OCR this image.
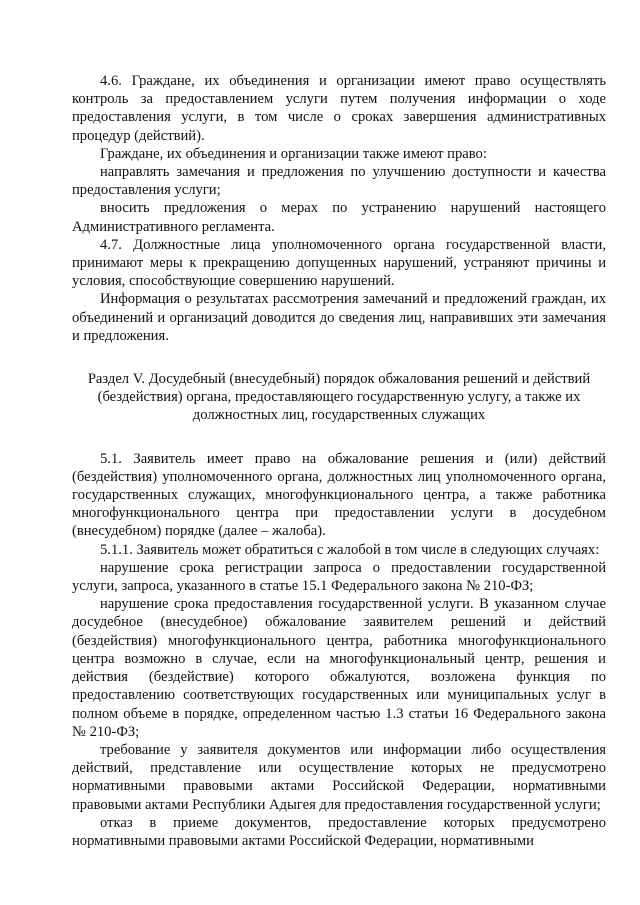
4.6. Граждане, их объединения и организации имеют право осуществлять контроль за предоставлением услуги путем получения информации о ходе предоставления услуги, в том числе о сроках завершения административных процедур (действий).

Граждане, их объединения и организации также имеют право:

направлять замечания и предложения по улучшению доступности и качества предоставления услуги;

вносить предложения о мерах по устранению нарушений настоящего Административного регламента.

4.7. Должностные лица уполномоченного органа государственной власти, принимают меры к прекращению допущенных нарушений, устраняют причины и условия, способствующие совершению нарушений.

Информация о результатах рассмотрения замечаний и предложений граждан, их объединений и организаций доводится до сведения лиц, направивших эти замечания и предложения.

Раздел V. Досудебный (внесудебный) порядок обжалования решений и действий (бездействия) органа, предоставляющего государственную услугу, а также их должностных лиц, государственных служащих

5.1. Заявитель имеет право на обжалование решения и (или) действий (бездействия) уполномоченного органа, должностных лиц уполномоченного органа, государственных служащих, многофункционального центра, а также работника многофункционального центра при предоставлении услуги в досудебном (внесудебном) порядке (далее – жалоба).

5.1.1. Заявитель может обратиться с жалобой в том числе в следующих случаях:

нарушение срока регистрации запроса о предоставлении государственной услуги, запроса, указанного в статье 15.1 Федерального закона № 210-ФЗ;

нарушение срока предоставления государственной услуги. В указанном случае досудебное (внесудебное) обжалование заявителем решений и действий (бездействия) многофункционального центра, работника многофункционального центра возможно в случае, если на многофункциональный центр, решения и действия (бездействие) которого обжалуются, возложена функция по предоставлению соответствующих государственных или муниципальных услуг в полном объеме в порядке, определенном частью 1.3 статьи 16 Федерального закона № 210-ФЗ;

требование у заявителя документов или информации либо осуществления действий, представление или осуществление которых не предусмотрено нормативными правовыми актами Российской Федерации, нормативными правовыми актами Республики Адыгея для предоставления государственной услуги;

отказ в приеме документов, предоставление которых предусмотрено нормативными правовыми актами Российской Федерации, нормативными
